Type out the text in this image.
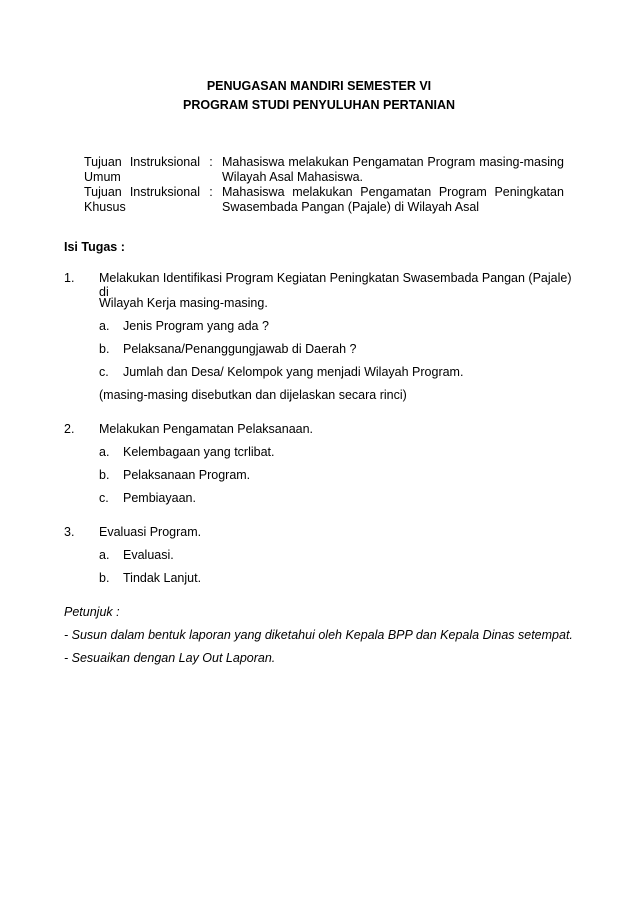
PENUGASAN MANDIRI SEMESTER VI
PROGRAM STUDI PENYULUHAN PERTANIAN
Tujuan Instruksional
Umum
: Mahasiswa melakukan Pengamatan Program masing-masing
Wilayah Asal Mahasiswa.
Tujuan Instruksional
Khusus
: Mahasiswa melakukan Pengamatan Program Peningkatan
Swasembada Pangan (Pajale) di Wilayah Asal
Isi Tugas :
1. Melakukan Identifikasi Program Kegiatan Peningkatan Swasembada Pangan (Pajale) di
Wilayah Kerja masing-masing.
a. Jenis Program yang ada ?
b. Pelaksana/Penanggungjawab di Daerah ?
c. Jumlah dan Desa/ Kelompok yang menjadi Wilayah Program.
(masing-masing disebutkan dan dijelaskan secara rinci)
2. Melakukan Pengamatan Pelaksanaan.
a. Kelembagaan yang tcrlibat.
b. Pelaksanaan Program.
c. Pembiayaan.
3. Evaluasi Program.
a. Evaluasi.
b. Tindak Lanjut.
Petunjuk :
- Susun dalam bentuk laporan yang diketahui oleh Kepala BPP dan Kepala Dinas setempat.
- Sesuaikan dengan Lay Out Laporan.
